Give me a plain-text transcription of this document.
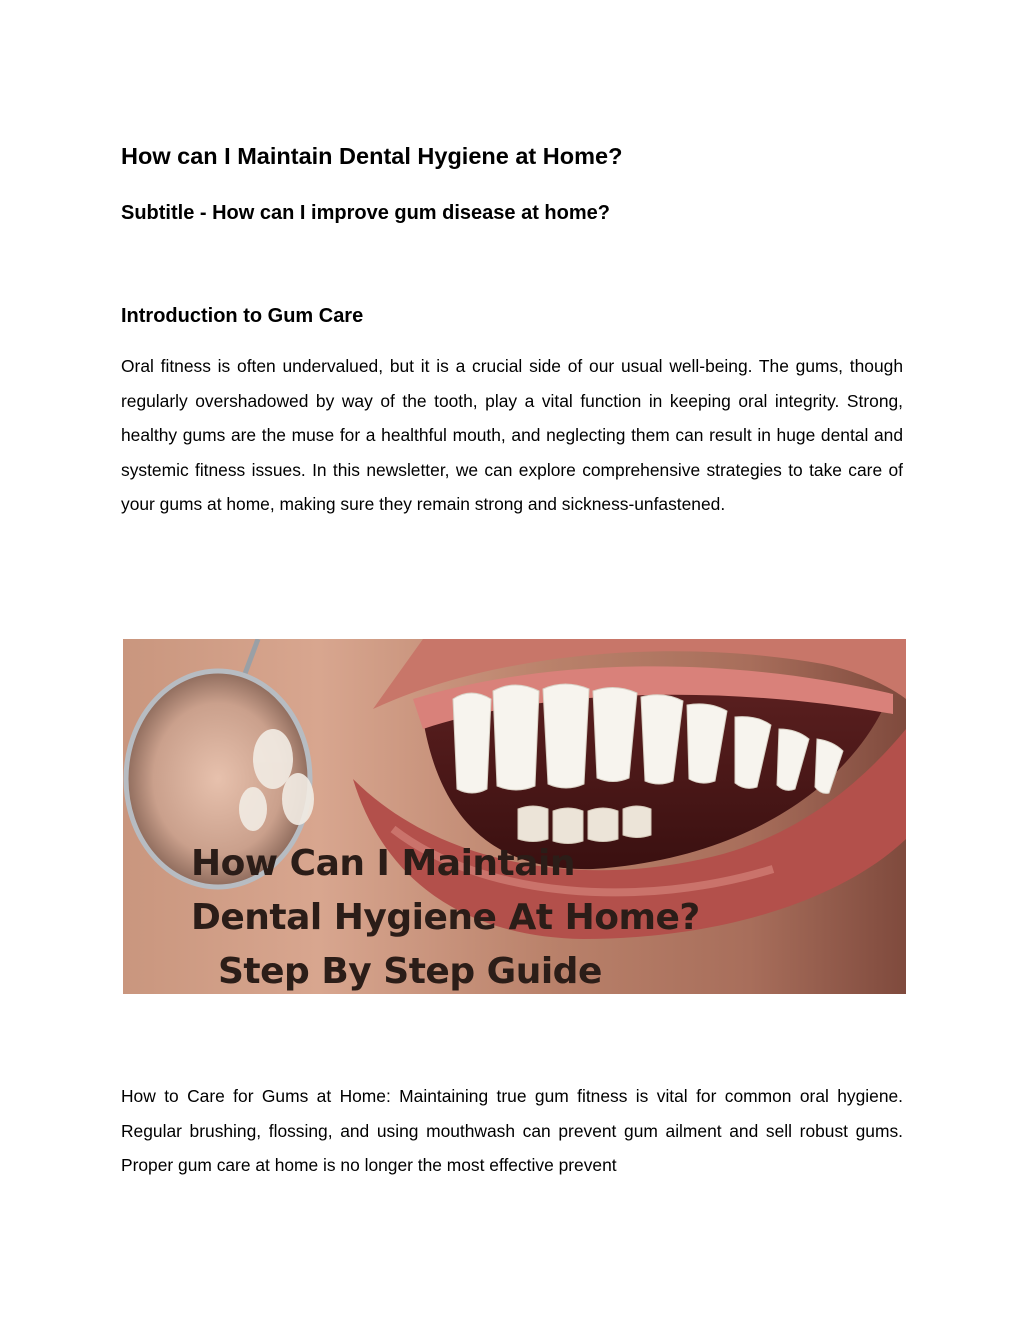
How can I Maintain Dental Hygiene at Home?
Subtitle - How can I improve gum disease at home?
Introduction to Gum Care

Oral fitness is often undervalued, but it is a crucial side of our usual well-being. The gums, though regularly overshadowed by way of the tooth, play a vital function in keeping oral integrity. Strong, healthy gums are the muse for a healthful mouth, and neglecting them can result in huge dental and systemic fitness issues. In this newsletter, we can explore comprehensive strategies to take care of your gums at home, making sure they remain strong and sickness-unfastened.

How Can I Maintain
Dental Hygiene At Home?
Step By Step Guide

How to Care for Gums at Home: Maintaining true gum fitness is vital for common oral hygiene. Regular brushing, flossing, and using mouthwash can prevent gum ailment and sell robust gums. Proper gum care at home is no longer the most effective prevent
